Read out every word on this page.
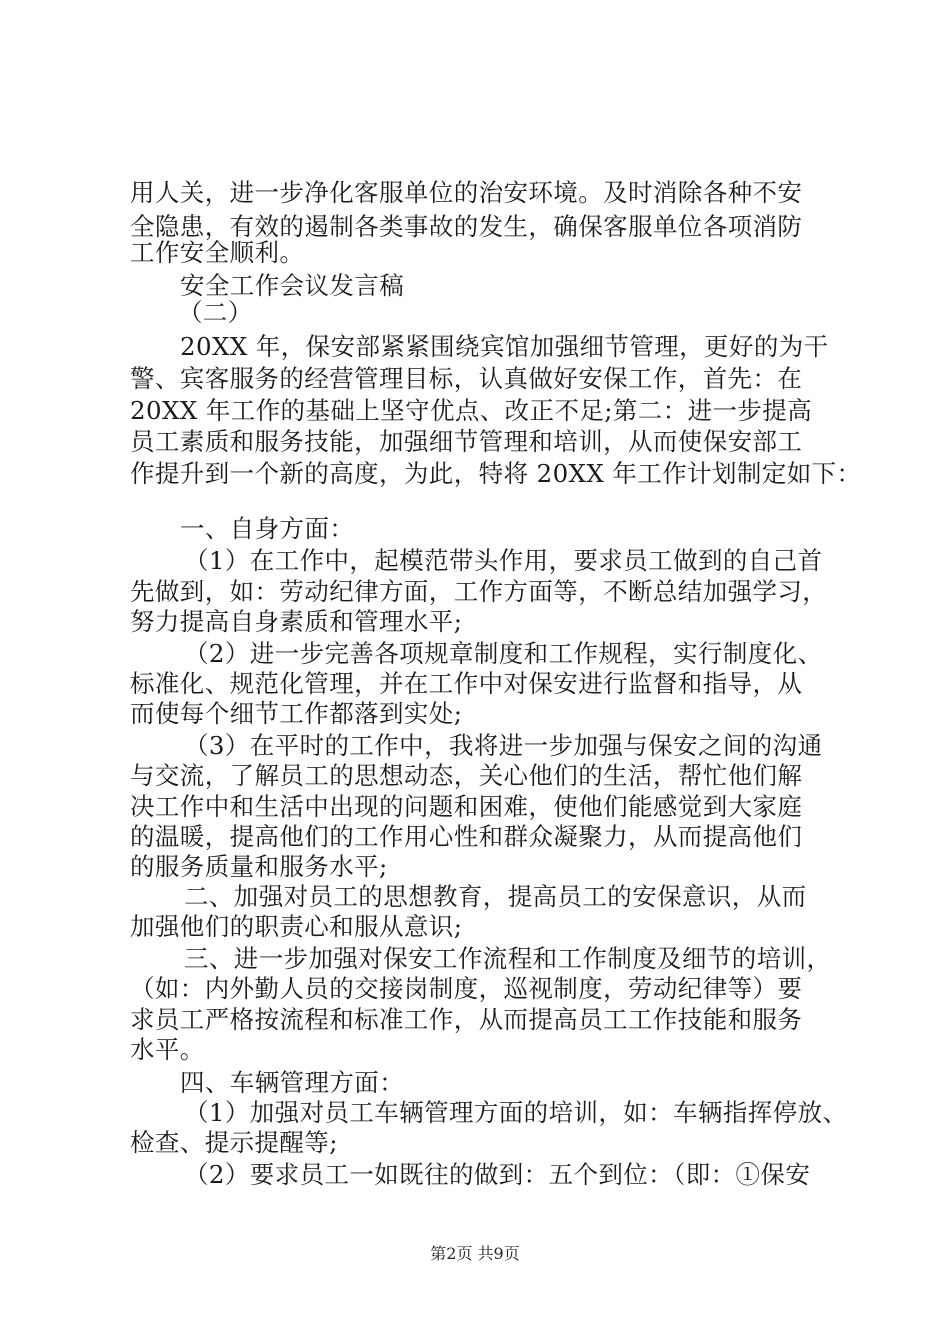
用人关，进一步净化客服单位的治安环境。及时消除各种不安
全隐患，有效的遏制各类事故的发生，确保客服单位各项消防
工作安全顺利。
安全工作会议发言稿
（二）
20XX 年，保安部紧紧围绕宾馆加强细节管理，更好的为干
警、宾客服务的经营管理目标，认真做好安保工作，首先：在
20XX 年工作的基础上坚守优点、改正不足;第二：进一步提高
员工素质和服务技能，加强细节管理和培训，从而使保安部工
作提升到一个新的高度，为此，特将 20XX 年工作计划制定如下：
一、自身方面：
（1）在工作中，起模范带头作用，要求员工做到的自己首
先做到，如：劳动纪律方面，工作方面等，不断总结加强学习，
努力提高自身素质和管理水平;
（2）进一步完善各项规章制度和工作规程，实行制度化、
标准化、规范化管理，并在工作中对保安进行监督和指导，从
而使每个细节工作都落到实处;
（3）在平时的工作中，我将进一步加强与保安之间的沟通
与交流，了解员工的思想动态，关心他们的生活，帮忙他们解
决工作中和生活中出现的问题和困难，使他们能感觉到大家庭
的温暖，提高他们的工作用心性和群众凝聚力，从而提高他们
的服务质量和服务水平;
二、加强对员工的思想教育，提高员工的安保意识，从而
加强他们的职责心和服从意识;
三、进一步加强对保安工作流程和工作制度及细节的培训，
（如：内外勤人员的交接岗制度，巡视制度，劳动纪律等）要
求员工严格按流程和标准工作，从而提高员工工作技能和服务
水平。
四、车辆管理方面：
（1）加强对员工车辆管理方面的培训，如：车辆指挥停放、
检查、提示提醒等;
（2）要求员工一如既往的做到：五个到位：（即：①保安
第2页 共9页
